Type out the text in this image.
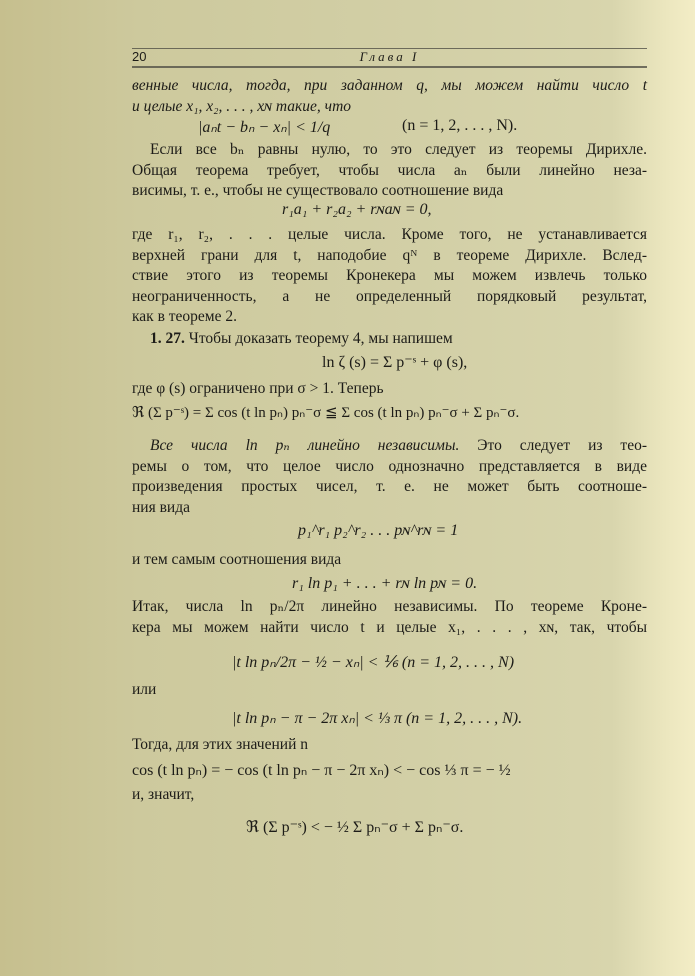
20	Глава I
венные числа, тогда, при заданном q, мы можем найти число t
и целые x₁, x₂, . . . , xɴ такие, что
|aₙt − bₙ − xₙ| < 1/q	(n = 1, 2, . . . , N).
Если все bₙ равны нулю, то это следует из теоремы Дирихле.
Общая теорема требует, чтобы числа aₙ были линейно неза-
висимы, т. е., чтобы не существовало соотношение вида
r₁a₁ + r₂a₂ + rɴaɴ = 0,
где r₁, r₂, . . . целые числа. Кроме того, не устанавливается
верхней грани для t, наподобие qᴺ в теореме Дирихле. Вслед-
ствие этого из теоремы Кронекера мы можем извлечь только
неограниченность, а не определенный порядковый результат,
как в теореме 2.
1. 27. Чтобы доказать теорему 4, мы напишем
ln ζ (s) = Σ p⁻ˢ + φ (s),
где φ (s) ограничено при σ > 1. Теперь
ℜ (Σ p⁻ˢ) = Σ cos (t ln pₙ) pₙ⁻σ ≦ Σ cos (t ln pₙ) pₙ⁻σ + Σ pₙ⁻σ.
Все числа ln pₙ линейно независимы. Это следует из тео-
ремы о том, что целое число однозначно представляется в виде
произведения простых чисел, т. е. не может быть соотноше-
ния вида
p₁^r₁ p₂^r₂ . . . pɴ^rɴ = 1
и тем самым соотношения вида
r₁ ln p₁ + . . . + rɴ ln pɴ = 0.
Итак, числа ln pₙ/2π линейно независимы. По теореме Кроне-
кера мы можем найти число t и целые x₁, . . . , xɴ, так, чтобы
|t ln pₙ/2π − ½ − xₙ| < ⅙ (n = 1, 2, . . . , N)
или
|t ln pₙ − π − 2π xₙ| < ⅓ π (n = 1, 2, . . . , N).
Тогда, для этих значений n
cos (t ln pₙ) = − cos (t ln pₙ − π − 2π xₙ) < − cos ⅓ π = − ½
и, значит,
ℜ (Σ p⁻ˢ) < − ½ Σ pₙ⁻σ + Σ pₙ⁻σ.
